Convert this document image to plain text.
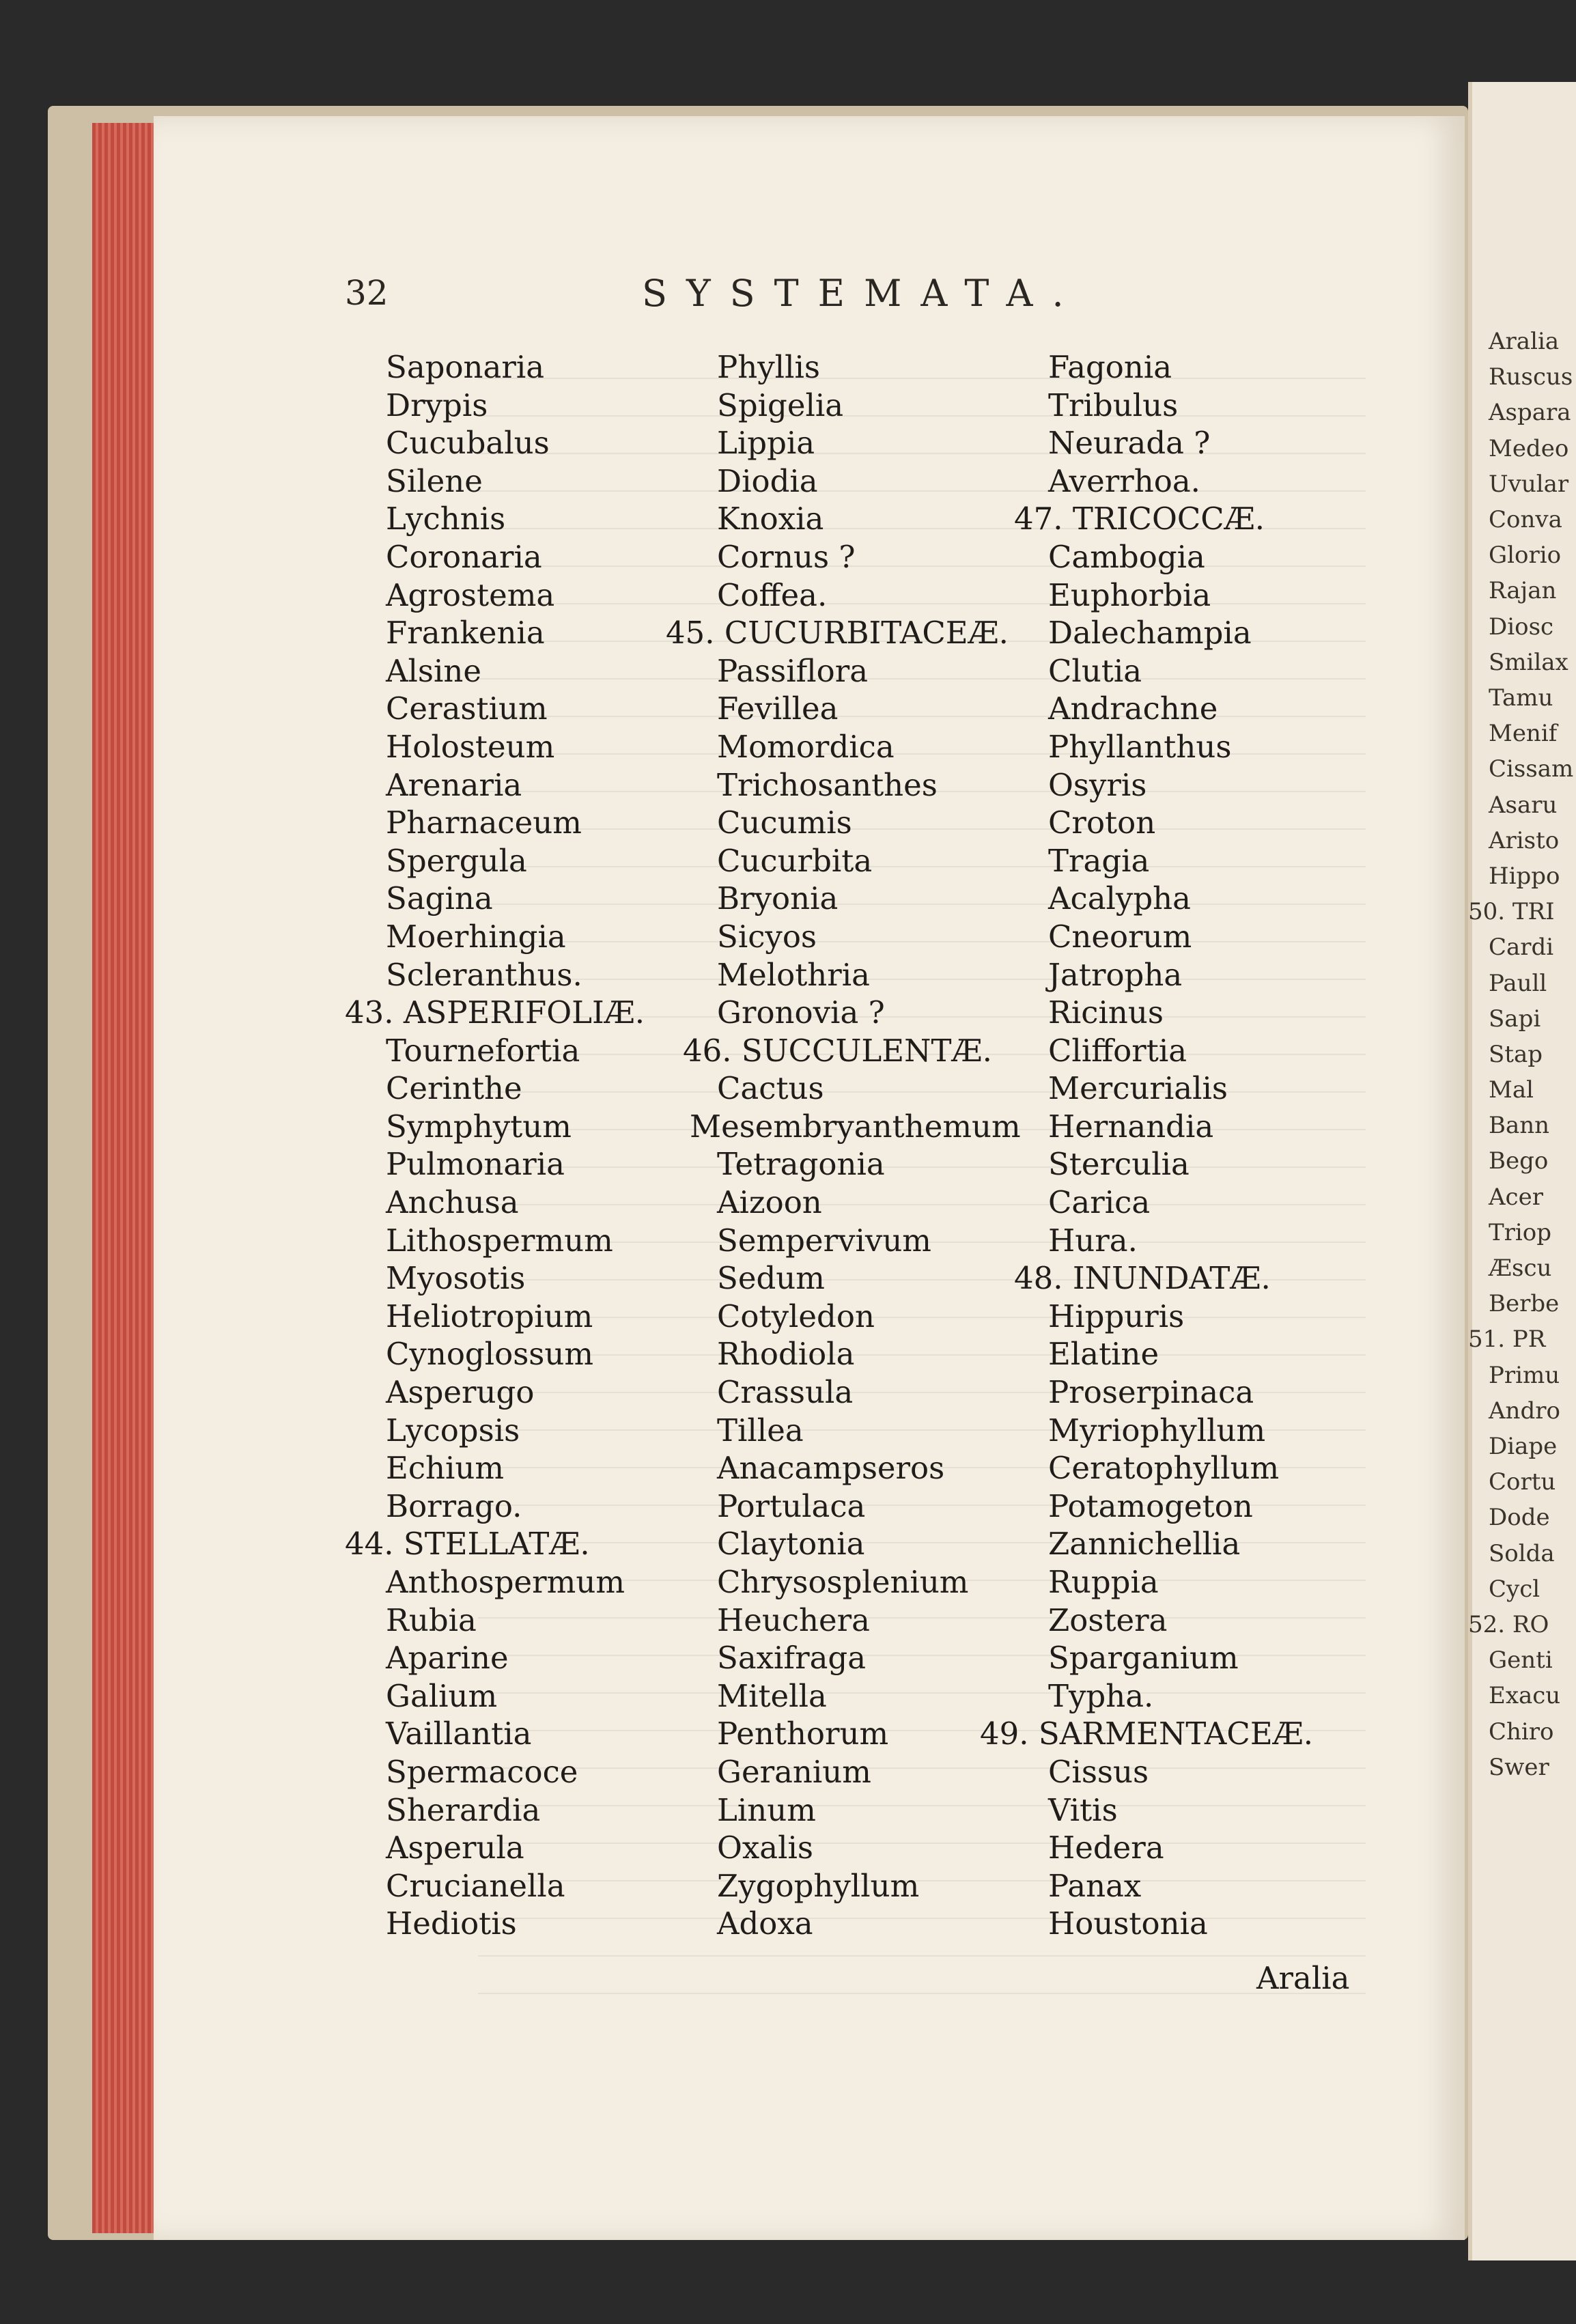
32	SYSTEMATA.
Saponaria
Drypis
Cucubalus
Silene
Lychnis
Coronaria
Agrostema
Frankenia
Alsine
Cerastium
Holosteum
Arenaria
Pharnaceum
Spergula
Sagina
Moerhingia
Scleranthus.
43. ASPERIFOLIÆ.
Tournefortia
Cerinthe
Symphytum
Pulmonaria
Anchusa
Lithospermum
Myosotis
Heliotropium
Cynoglossum
Asperugo
Lycopsis
Echium
Borrago.
44. STELLATÆ.
Anthospermum
Rubia
Aparine
Galium
Vaillantia
Spermacoce
Sherardia
Asperula
Crucianella
Hediotis
Phyllis
Spigelia
Lippia
Diodia
Knoxia
Cornus ?
Coffea.
45. CUCURBITACEÆ.
Passiflora
Fevillea
Momordica
Trichosanthes
Cucumis
Cucurbita
Bryonia
Sicyos
Melothria
Gronovia ?
46. SUCCULENTÆ.
Cactus
Mesembryanthemum
Tetragonia
Aizoon
Sempervivum
Sedum
Cotyledon
Rhodiola
Crassula
Tillea
Anacampseros
Portulaca
Claytonia
Chrysosplenium
Heuchera
Saxifraga
Mitella
Penthorum
Geranium
Linum
Oxalis
Zygophyllum
Adoxa
Fagonia
Tribulus
Neurada ?
Averrhoa.
47. TRICOCCÆ.
Cambogia
Euphorbia
Dalechampia
Clutia
Andrachne
Phyllanthus
Osyris
Croton
Tragia
Acalypha
Cneorum
Jatropha
Ricinus
Cliffortia
Mercurialis
Hernandia
Sterculia
Carica
Hura.
48. INUNDATÆ.
Hippuris
Elatine
Proserpinaca
Myriophyllum
Ceratophyllum
Potamogeton
Zannichellia
Ruppia
Zostera
Sparganium
Typha.
49. SARMENTACEÆ.
Cissus
Vitis
Hedera
Panax
Houstonia
Aralia
Aralia
Ruscus
Aspara
Medeo
Uvular
Conva
Glorio
Rajan
Diosc
Smilax
Tamu
Menif
Cissam
Asaru
Aristo
Hippo
50. TRI
Cardi
Paull
Sapi
Stap
Mal
Bann
Bego
Acer
Triop
Æscu
Berbe
51. PR
Primu
Andro
Diape
Cortu
Dode
Solda
Cycl
52. RO
Genti
Exacu
Chiro
Swer
